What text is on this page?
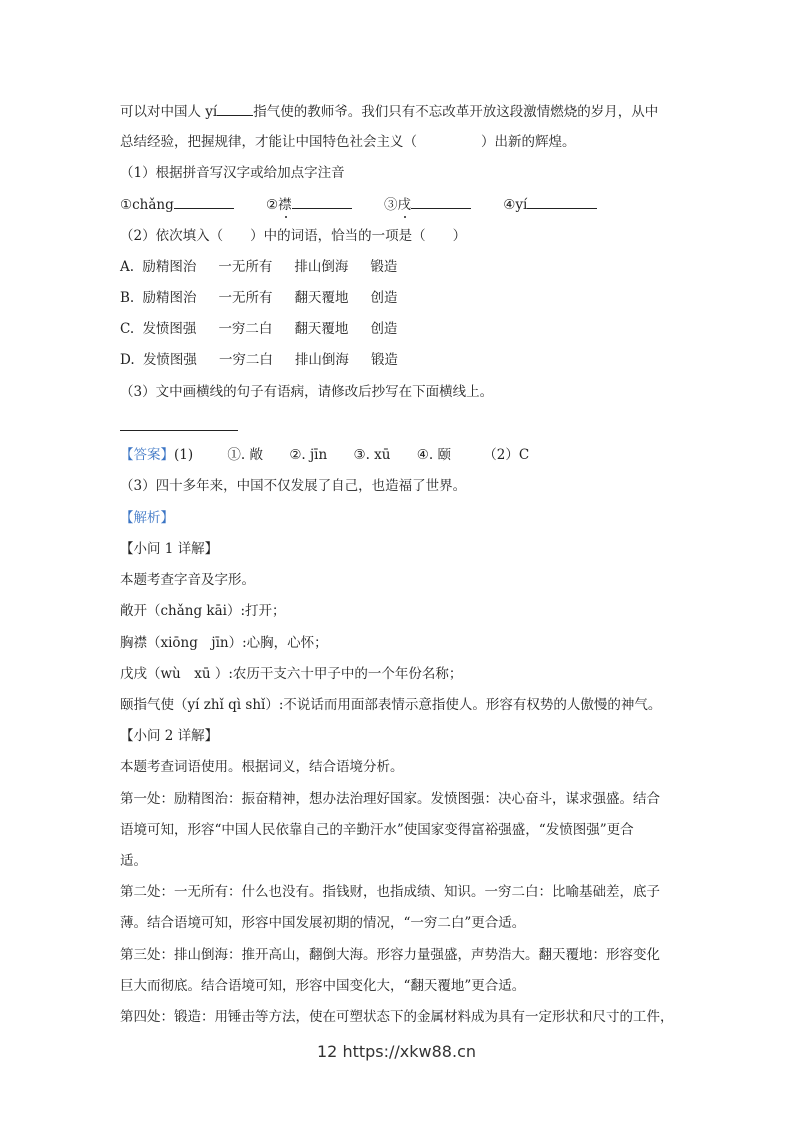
可以对中国人 yí	指气使的教师爷。我们只有不忘改革开放这段激情燃烧的岁月，从中
总结经验，把握规律，才能让中国特色社会主义（	）出新的辉煌。
（1）根据拼音写汉字或给加点字注音
①chǎng	②襟	③戌	④yí
（2）依次填入（　　）中的词语，恰当的一项是（　　）
A. 励精图治 一无所有 排山倒海 锻造
B. 励精图治 一无所有 翻天覆地 创造
C. 发愤图强 一穷二白 翻天覆地 创造
D. 发愤图强 一穷二白 排山倒海 锻造
（3）文中画横线的句子有语病，请修改后抄写在下面横线上。
【答案】(1)	①. 敞 ②. jīn ③. xū ④. 颐 （2）C
（3）四十多年来，中国不仅发展了自己，也造福了世界。
【解析】
【小问 1 详解】
本题考查字音及字形。
敞开（chǎng kāi）:打开；
胸襟（xiōng　jīn）:心胸，心怀；
戊戌（wù　xū ）:农历干支六十甲子中的一个年份名称；
颐指气使（yí zhǐ qì shǐ）:不说话而用面部表情示意指使人。形容有权势的人傲慢的神气。
【小问 2 详解】
本题考查词语使用。根据词义，结合语境分析。
第一处：励精图治：振奋精神，想办法治理好国家。发愤图强：决心奋斗，谋求强盛。结合
语境可知，形容“中国人民依靠自己的辛勤汗水”使国家变得富裕强盛，“发愤图强”更合
适。
第二处：一无所有：什么也没有。指钱财，也指成绩、知识。一穷二白：比喻基础差，底子
薄。结合语境可知，形容中国发展初期的情况，“一穷二白”更合适。
第三处：排山倒海：推开高山，翻倒大海。形容力量强盛，声势浩大。翻天覆地：形容变化
巨大而彻底。结合语境可知，形容中国变化大，“翻天覆地”更合适。
第四处：锻造：用锤击等方法，使在可塑状态下的金属材料成为具有一定形状和尺寸的工件，
12 https://xkw88.cn
